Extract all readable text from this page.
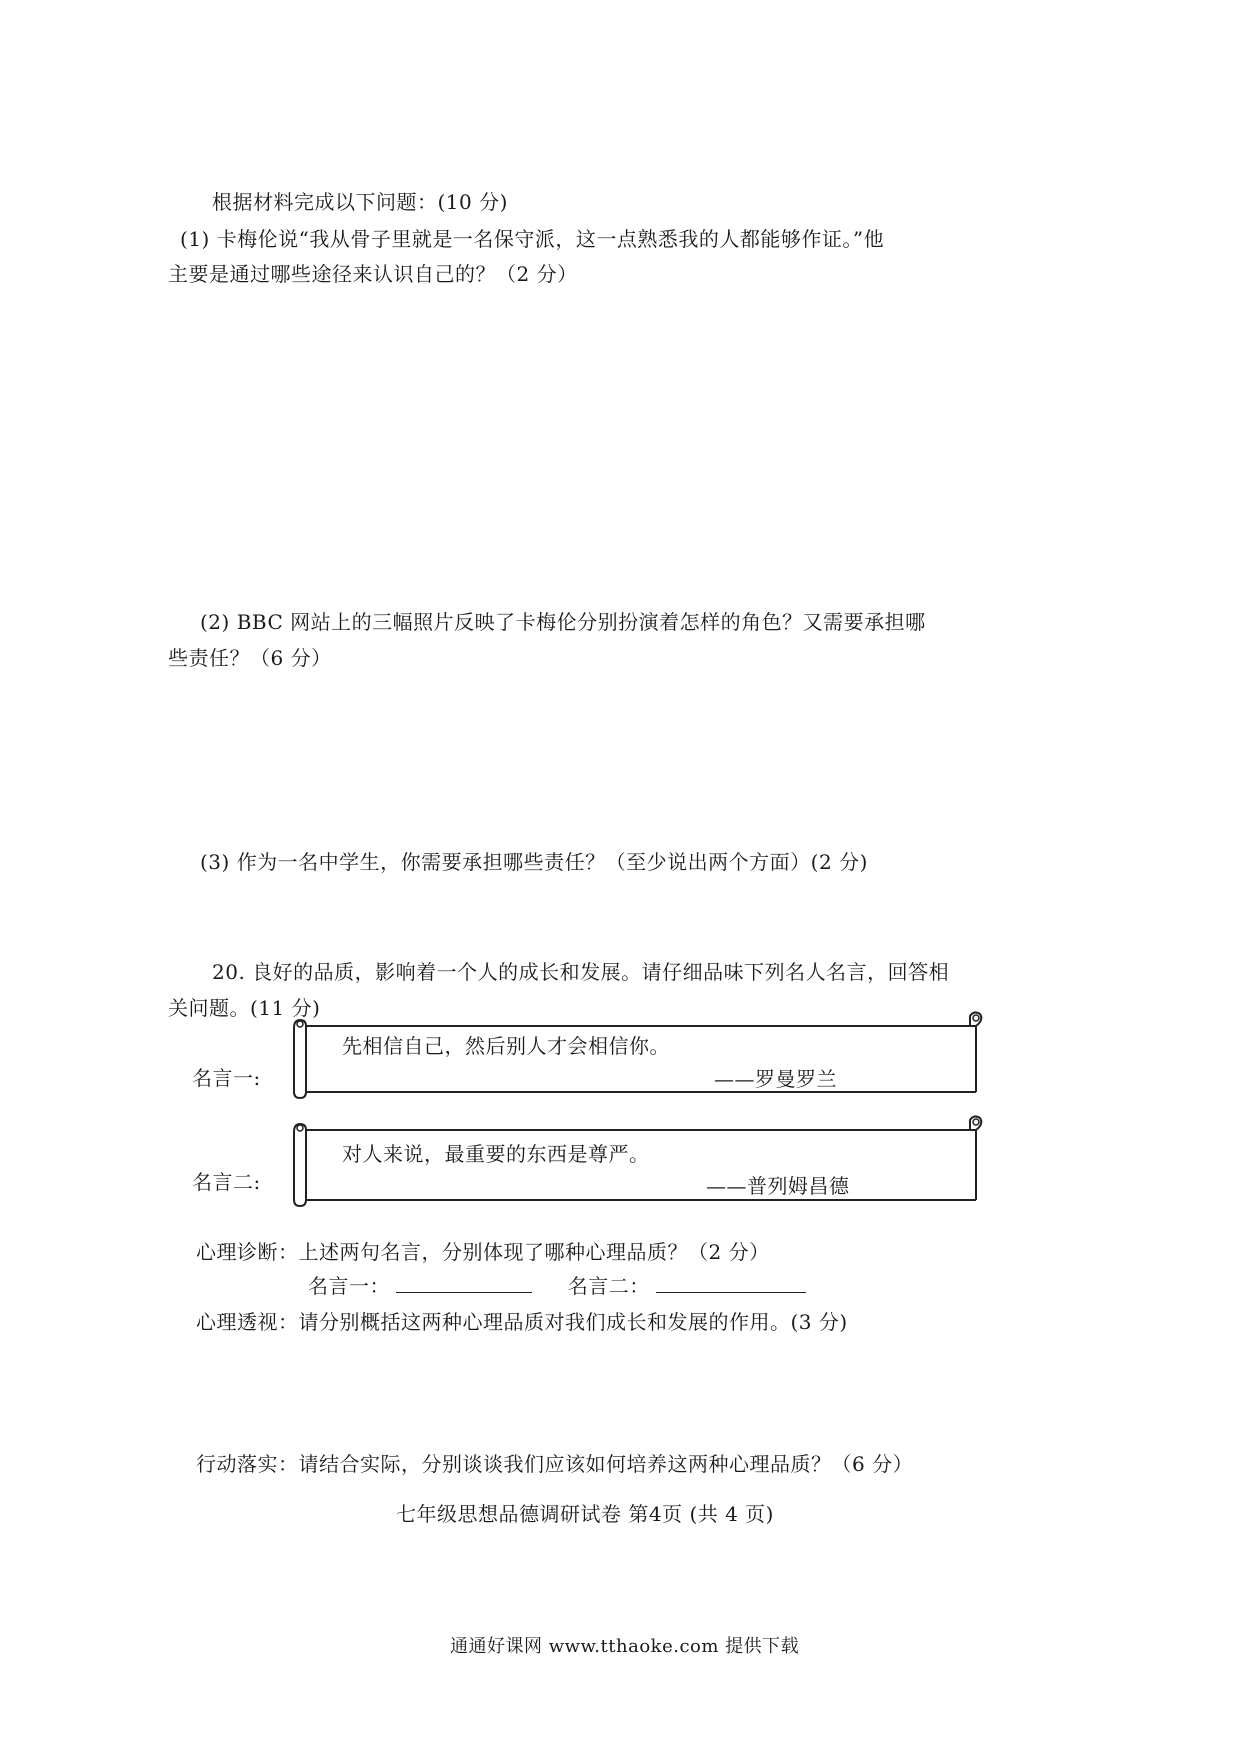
根据材料完成以下问题：(10 分)
(1) 卡梅伦说“我从骨子里就是一名保守派，这一点熟悉我的人都能够作证。”他
主要是通过哪些途径来认识自己的？（2 分）
(2) BBC 网站上的三幅照片反映了卡梅伦分别扮演着怎样的角色？又需要承担哪
些责任？（6 分）
(3) 作为一名中学生，你需要承担哪些责任？（至少说出两个方面）(2 分)
20. 良好的品质，影响着一个人的成长和发展。请仔细品味下列名人名言，回答相
关问题。(11 分)
名言一:
先相信自己，然后别人才会相信你。
——罗曼罗兰
名言二:
对人来说，最重要的东西是尊严。
——普列姆昌德
心理诊断：上述两句名言，分别体现了哪种心理品质？（2 分）
名言一：	名言二：
心理透视：请分别概括这两种心理品质对我们成长和发展的作用。(3 分)
行动落实：请结合实际，分别谈谈我们应该如何培养这两种心理品质？（6 分）
七年级思想品德调研试卷 第4页 (共 4 页)
通通好课网 www.tthaoke.com 提供下载
